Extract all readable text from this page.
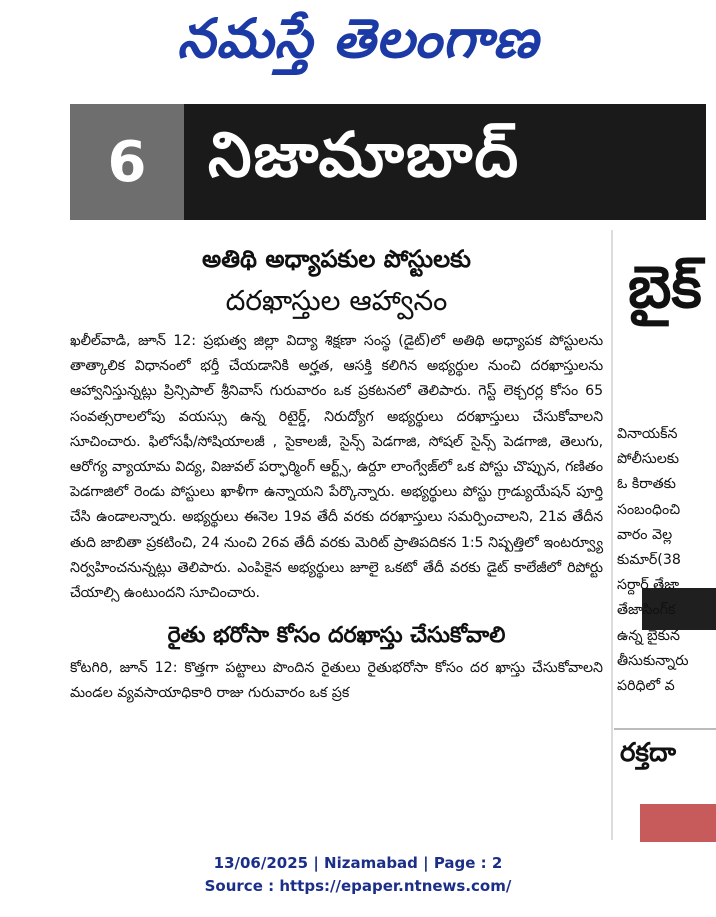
నమస్తే తెలంగాణ
6 నిజామాబాద్
అతిథి అధ్యాపకుల పోస్టులకు
దరఖాస్తుల ఆహ్వానం
ఖలీల్‌వాడి, జూన్ 12: ప్రభుత్వ జిల్లా విద్యా శిక్షణా సంస్థ (డైట్)లో అతిథి అధ్యాపక పోస్టులను తాత్కాలిక విధానంలో భర్తీ చేయడానికి అర్హత, ఆసక్తి కలిగిన అభ్యర్థుల నుంచి దరఖాస్తులను ఆహ్వానిస్తున్నట్లు ప్రిన్సిపాల్ శ్రీనివాస్ గురువారం ఒక ప్రకటనలో తెలిపారు. గెస్ట్ లెక్చరర్ల కోసం 65 సంవత్సరాలలోపు వయస్సు ఉన్న రిటైర్డ్, నిరుద్యోగ అభ్యర్థులు దరఖాస్తులు చేసుకోవాలని సూచించారు. ఫిలోసఫీ/సోషియాలజీ , సైకాలజీ, సైన్స్ పెడగాజి, సోషల్ సైన్స్ పెడగాజి, తెలుగు, ఆరోగ్య వ్యాయామ విద్య, విజువల్ పర్ఫార్మింగ్ ఆర్ట్స్, ఉర్దూ లాంగ్వేజ్‌లో ఒక పోస్టు చొప్పున, గణితం పెడగాజిలో రెండు పోస్టులు ఖాళీగా ఉన్నాయని పేర్కొన్నారు. అభ్యర్థులు పోస్టు గ్రాడ్యుయేషన్ పూర్తి చేసి ఉండాలన్నారు. అభ్యర్థులు ఈనెల 19వ తేదీ వరకు దరఖాస్తులు సమర్పించాలని, 21వ తేదీన తుది జాబితా ప్రకటించి, 24 నుంచి 26వ తేదీ వరకు మెరిట్ ప్రాతిపదికన 1:5 నిష్పత్తిలో ఇంటర్వ్యూ నిర్వహించనున్నట్లు తెలిపారు. ఎంపికైన అభ్యర్థులు జూలై ఒకటో తేదీ వరకు డైట్ కాలేజీలో రిపోర్టు చేయాల్సి ఉంటుందని సూచించారు.
రైతు భరోసా కోసం దరఖాస్తు చేసుకోవాలి
కోటగిరి, జూన్ 12: కొత్తగా పట్టాలు పొందిన రైతులు రైతుభరోసా కోసం దర ఖాస్తు చేసుకోవాలని మండల వ్యవసాయాధికారి రాజు గురువారం ఒక ప్రక
బైక్
వినాయక్‌న
పోలీసులకు
ఓ కిరాతకు
సంబంధించి
వారం వెల్ల
కుమార్(38
సర్దార్ తేజా
తేజాసింగ్‌క
ఉన్న బైకున
తీసుకున్నారు
పరిధిలో వ
రక్తదా
13/06/2025 | Nizamabad | Page : 2
Source : https://epaper.ntnews.com/
